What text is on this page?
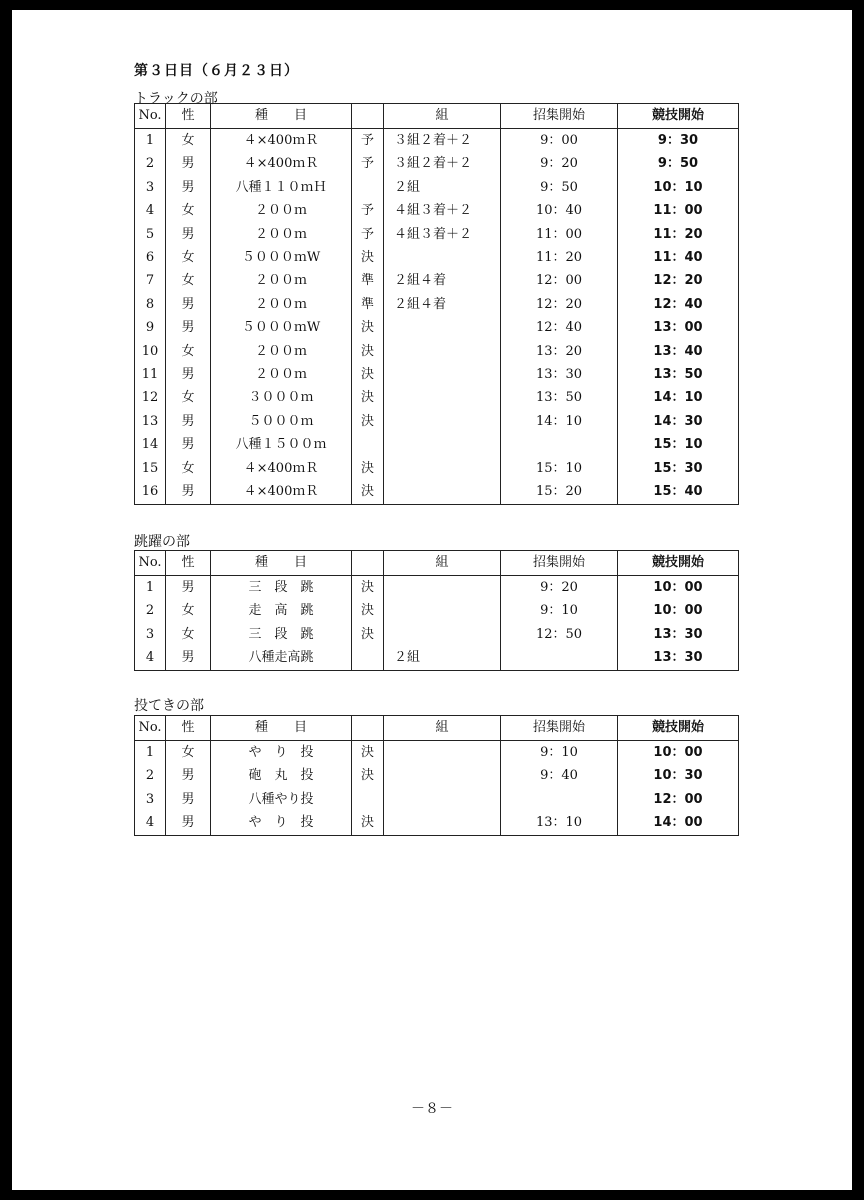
第３日目（６月２３日）
トラックの部
No.	性	種　　目		組	招集開始	競技開始
1	女	４×400ｍＲ	予	３組２着＋２	9：00	9：30
2	男	４×400ｍＲ	予	３組２着＋２	9：20	9：50
3	男	八種１１０ｍＨ		２組	9：50	10：10
4	女	２００ｍ	予	４組３着＋２	10：40	11：00
5	男	２００ｍ	予	４組３着＋２	11：00	11：20
6	女	５０００ｍW	決		11：20	11：40
7	女	２００ｍ	準	２組４着	12：00	12：20
8	男	２００ｍ	準	２組４着	12：20	12：40
9	男	５０００ｍW	決		12：40	13：00
10	女	２００ｍ	決		13：20	13：40
11	男	２００ｍ	決		13：30	13：50
12	女	３０００ｍ	決		13：50	14：10
13	男	５０００ｍ	決		14：10	14：30
14	男	八種１５００ｍ				15：10
15	女	４×400ｍＲ	決		15：10	15：30
16	男	４×400ｍＲ	決		15：20	15：40
跳躍の部
No.	性	種　　目		組	招集開始	競技開始
1	男	三　段　跳	決		9：20	10：00
2	女	走　高　跳	決		9：10	10：00
3	女	三　段　跳	決		12：50	13：30
4	男	八種走高跳		２組		13：30
投てきの部
No.	性	種　　目		組	招集開始	競技開始
1	女	や　り　投	決		9：10	10：00
2	男	砲　丸　投	決		9：40	10：30
3	男	八種やり投				12：00
4	男	や　り　投	決		13：10	14：00
－８－
